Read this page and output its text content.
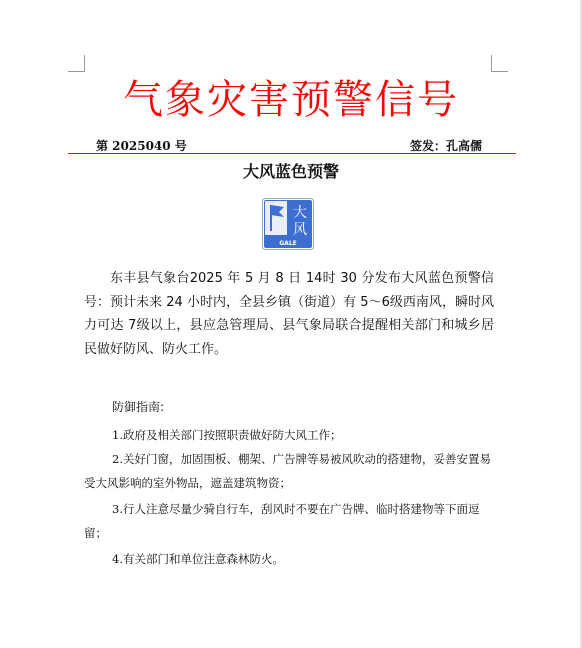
气象灾害预警信号
第 2025040 号	签发：孔高儒
大风蓝色预警
大
风
GALE

东丰县气象台2025 年 5 月 8 日 14时 30 分发布大风蓝色预警信号：预计未来 24 小时内，全县乡镇（街道）有 5～6级西南风，瞬时风力可达 7级以上，县应急管理局、县气象局联合提醒相关部门和城乡居民做好防风、防火工作。

防御指南:

1.政府及相关部门按照职责做好防大风工作；

2.关好门窗，加固围板、棚架、广告牌等易被风吹动的搭建物，妥善安置易受大风影响的室外物品，遮盖建筑物资；

3.行人注意尽量少骑自行车，刮风时不要在广告牌、临时搭建物等下面逗留；

4.有关部门和单位注意森林防火。
